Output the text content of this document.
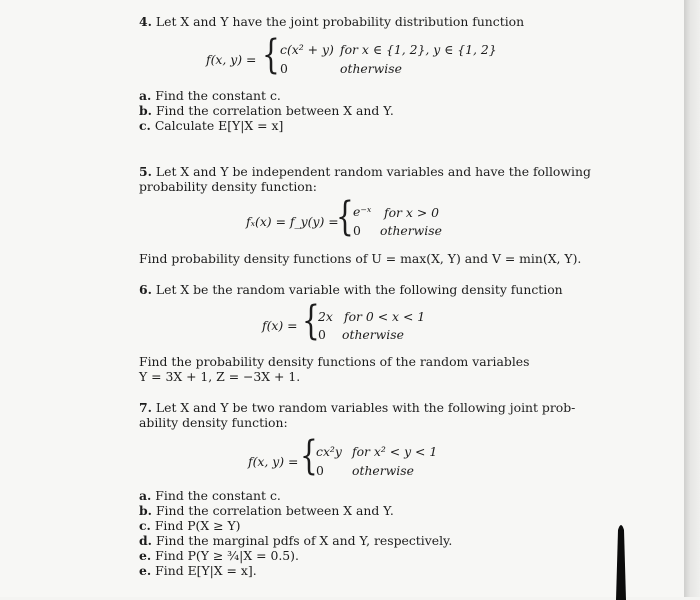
4. Let X and Y have the joint probability distribution function
f(x, y) = { c(x² + y) for x ∈ {1, 2}, y ∈ {1, 2}
0	otherwise
a. Find the constant c.
b. Find the correlation between X and Y.
c. Calculate E[Y|X = x]
5. Let X and Y be independent random variables and have the following
probability density function:
fₓ(x) = f_y(y) =
{ e⁻ˣ for x > 0
0 otherwise
Find probability density functions of U = max(X, Y) and V = min(X, Y).
6. Let X be the random variable with the following density function
f(x) = {
2x for 0 < x < 1
0 otherwise
Find the probability density functions of the random variables
Y = 3X + 1, Z = −3X + 1.
7. Let X and Y be two random variables with the following joint prob-
ability density function:
f(x, y) = {
cx²y for x² < y < 1
0 otherwise
a. Find the constant c.
b. Find the correlation between X and Y.
c. Find P(X ≥ Y)
d. Find the marginal pdfs of X and Y, respectively.
e. Find P(Y ≥ ¾|X = 0.5).
e. Find E[Y|X = x].
